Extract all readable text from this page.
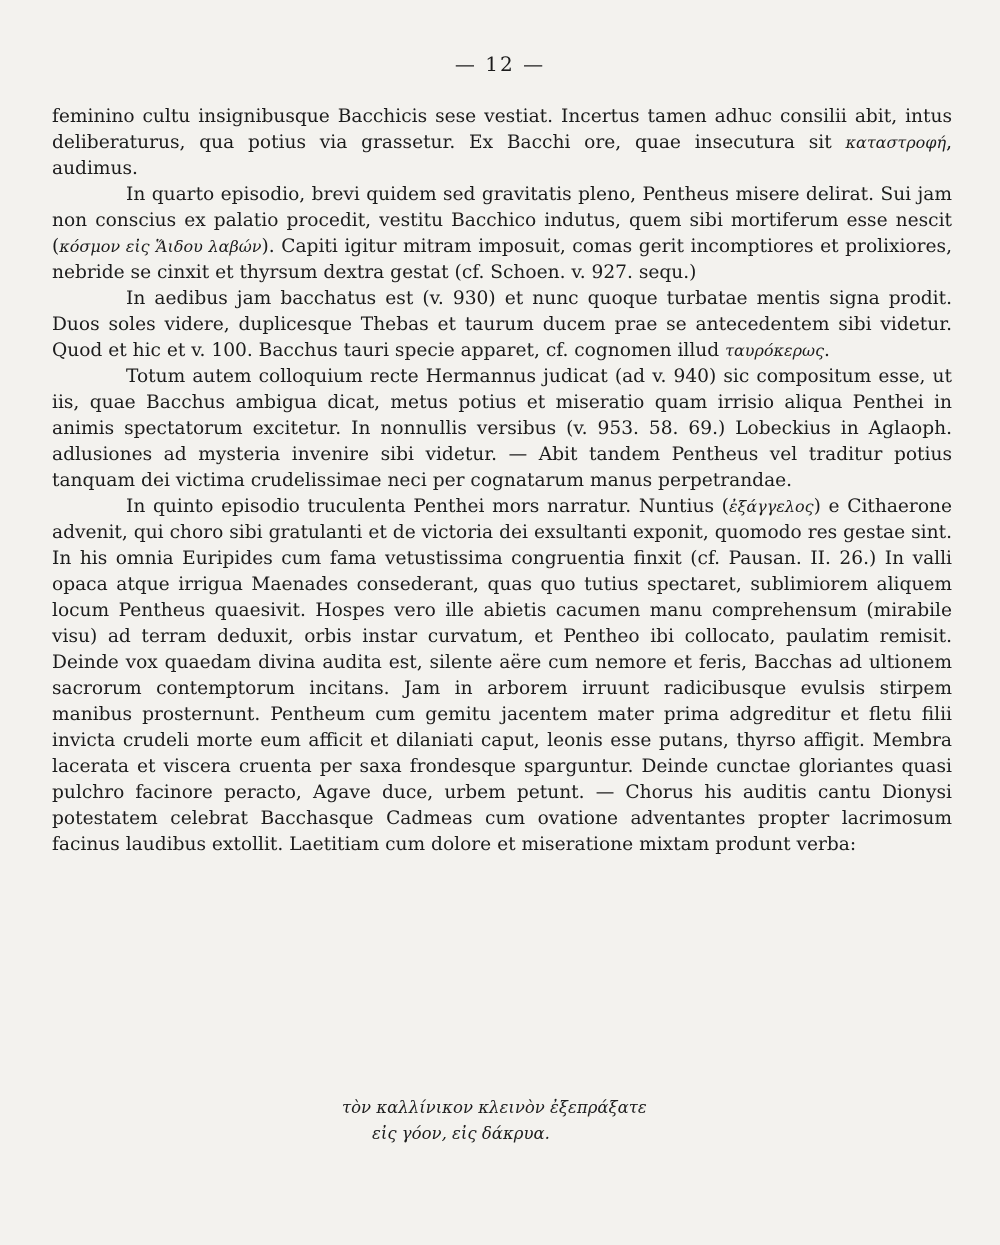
— 12 —

feminino cultu insignibusque Bacchicis sese vestiat. Incertus tamen adhuc consilii abit, intus deliberaturus, qua potius via grassetur. Ex Bacchi ore, quae insecutura sit καταστροφή, audimus.

In quarto episodio, brevi quidem sed gravitatis pleno, Pentheus misere delirat. Sui jam non conscius ex palatio procedit, vestitu Bacchico indutus, quem sibi mortiferum esse nescit (κόσμον εἰς Ἅιδου λαβών). Capiti igitur mitram imposuit, comas gerit incomptiores et prolixiores, nebride se cinxit et thyrsum dextra gestat (cf. Schoen. v. 927. sequ.)

In aedibus jam bacchatus est (v. 930) et nunc quoque turbatae mentis signa prodit. Duos soles videre, duplicesque Thebas et taurum ducem prae se antecedentem sibi videtur. Quod et hic et v. 100. Bacchus tauri specie apparet, cf. cognomen illud ταυρόκερως.

Totum autem colloquium recte Hermannus judicat (ad v. 940) sic compositum esse, ut iis, quae Bacchus ambigua dicat, metus potius et miseratio quam irrisio aliqua Penthei in animis spectatorum excitetur. In nonnullis versibus (v. 953. 58. 69.) Lobeckius in Aglaoph. adlusiones ad mysteria invenire sibi videtur. — Abit tandem Pentheus vel traditur potius tanquam dei victima crudelissimae neci per cognatarum manus perpetrandae.

In quinto episodio truculenta Penthei mors narratur. Nuntius (ἐξάγγελος) e Cithaerone advenit, qui choro sibi gratulanti et de victoria dei exsultanti exponit, quomodo res gestae sint. In his omnia Euripides cum fama vetustissima congruentia finxit (cf. Pausan. II. 26.) In valli opaca atque irrigua Maenades consederant, quas quo tutius spectaret, sublimiorem aliquem locum Pentheus quaesivit. Hospes vero ille abietis cacumen manu comprehensum (mirabile visu) ad terram deduxit, orbis instar curvatum, et Pentheo ibi collocato, paulatim remisit. Deinde vox quaedam divina audita est, silente aëre cum nemore et feris, Bacchas ad ultionem sacrorum contemptorum incitans. Jam in arborem irruunt radicibusque evulsis stirpem manibus prosternunt. Pentheum cum gemitu jacentem mater prima adgreditur et fletu filii invicta crudeli morte eum afficit et dilaniati caput, leonis esse putans, thyrso affigit. Membra lacerata et viscera cruenta per saxa frondesque sparguntur. Deinde cunctae gloriantes quasi pulchro facinore peracto, Agave duce, urbem petunt. — Chorus his auditis cantu Dionysi potestatem celebrat Bacchasque Cadmeas cum ovatione adventantes propter lacrimosum facinus laudibus extollit. Laetitiam cum dolore et miseratione mixtam produnt verba:

τὸν καλλίνικον κλεινὸν ἐξεπράξατε
εἰς γόον, εἰς δάκρυα.
